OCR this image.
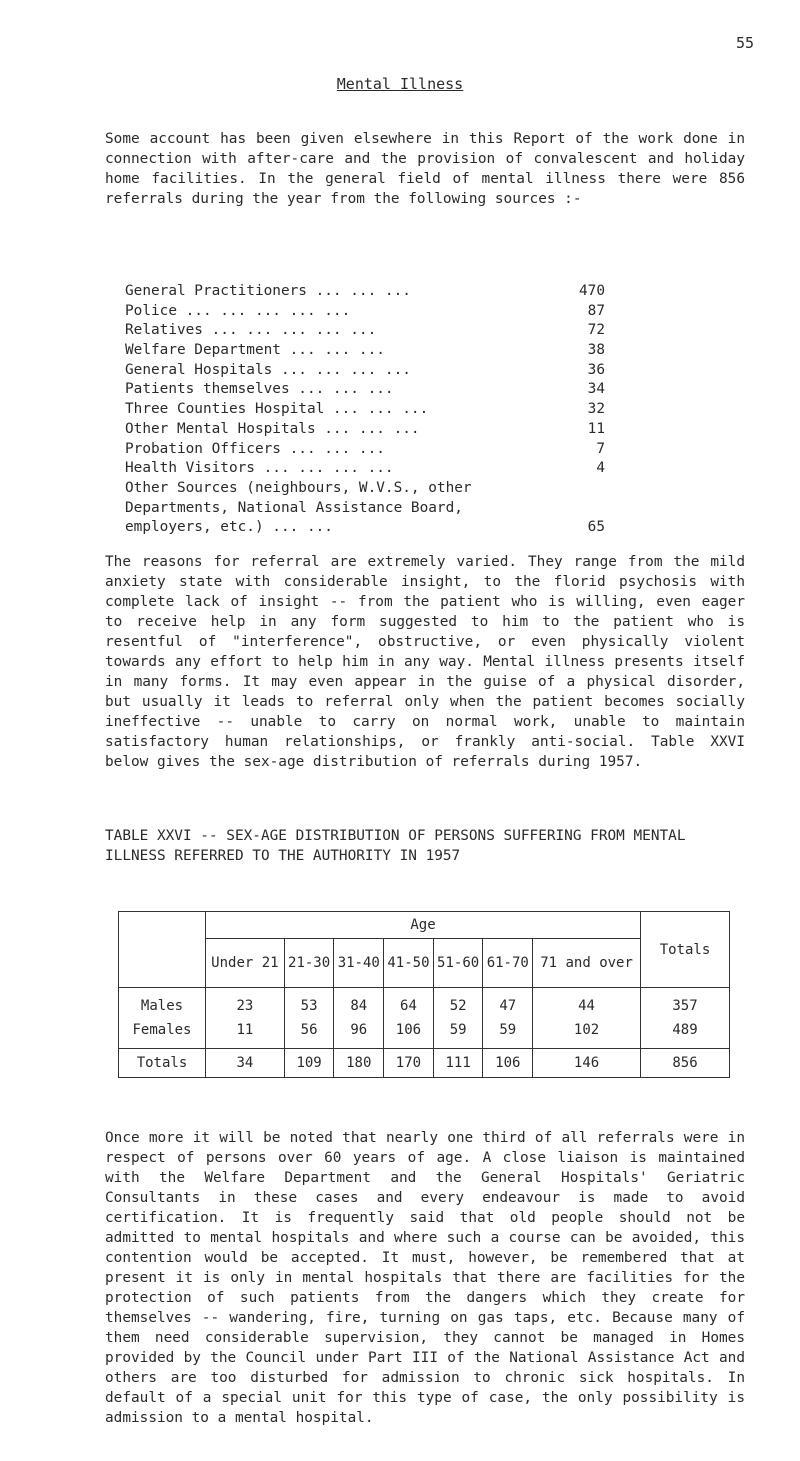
55
Mental Illness

Some account has been given elsewhere in this Report of the work done in connection with after-care and the provision of convalescent and holiday home facilities. In the general field of mental illness there were 856 referrals during the year from the following sources :-

General Practitioners ... ... ...	470
Police ... ... ... ... ...	87
Relatives ... ... ... ... ...	72
Welfare Department ... ... ...	38
General Hospitals ... ... ... ...	36
Patients themselves ... ... ...	34
Three Counties Hospital ... ... ...	32
Other Mental Hospitals ... ... ...	11
Probation Officers ... ... ...	7
Health Visitors ... ... ... ...	4
Other Sources (neighbours, W.V.S., other Departments, National Assistance Board, employers, etc.) ... ...	65

The reasons for referral are extremely varied. They range from the mild anxiety state with considerable insight, to the florid psychosis with complete lack of insight -- from the patient who is willing, even eager to receive help in any form suggested to him to the patient who is resentful of "interference", obstructive, or even physically violent towards any effort to help him in any way. Mental illness presents itself in many forms. It may even appear in the guise of a physical disorder, but usually it leads to referral only when the patient becomes socially ineffective -- unable to carry on normal work, unable to maintain satisfactory human relationships, or frankly anti-social. Table XXVI below gives the sex-age distribution of referrals during 1957.

TABLE XXVI -- SEX-AGE DISTRIBUTION OF PERSONS SUFFERING FROM MENTAL ILLNESS REFERRED TO THE AUTHORITY IN 1957
	Age							Totals
	Under 21	21-30	31-40	41-50	51-60	61-70	71 and over	
Males	23	53	84	64	52	47	44	357
Females	11	56	96	106	59	59	102	489
Totals	34	109	180	170	111	106	146	856

Once more it will be noted that nearly one third of all referrals were in respect of persons over 60 years of age. A close liaison is maintained with the Welfare Department and the General Hospitals' Geriatric Consultants in these cases and every endeavour is made to avoid certification. It is frequently said that old people should not be admitted to mental hospitals and where such a course can be avoided, this contention would be accepted. It must, however, be remembered that at present it is only in mental hospitals that there are facilities for the protection of such patients from the dangers which they create for themselves -- wandering, fire, turning on gas taps, etc. Because many of them need considerable supervision, they cannot be managed in Homes provided by the Council under Part III of the National Assistance Act and others are too disturbed for admission to chronic sick hospitals. In default of a special unit for this type of case, the only possibility is admission to a mental hospital.
